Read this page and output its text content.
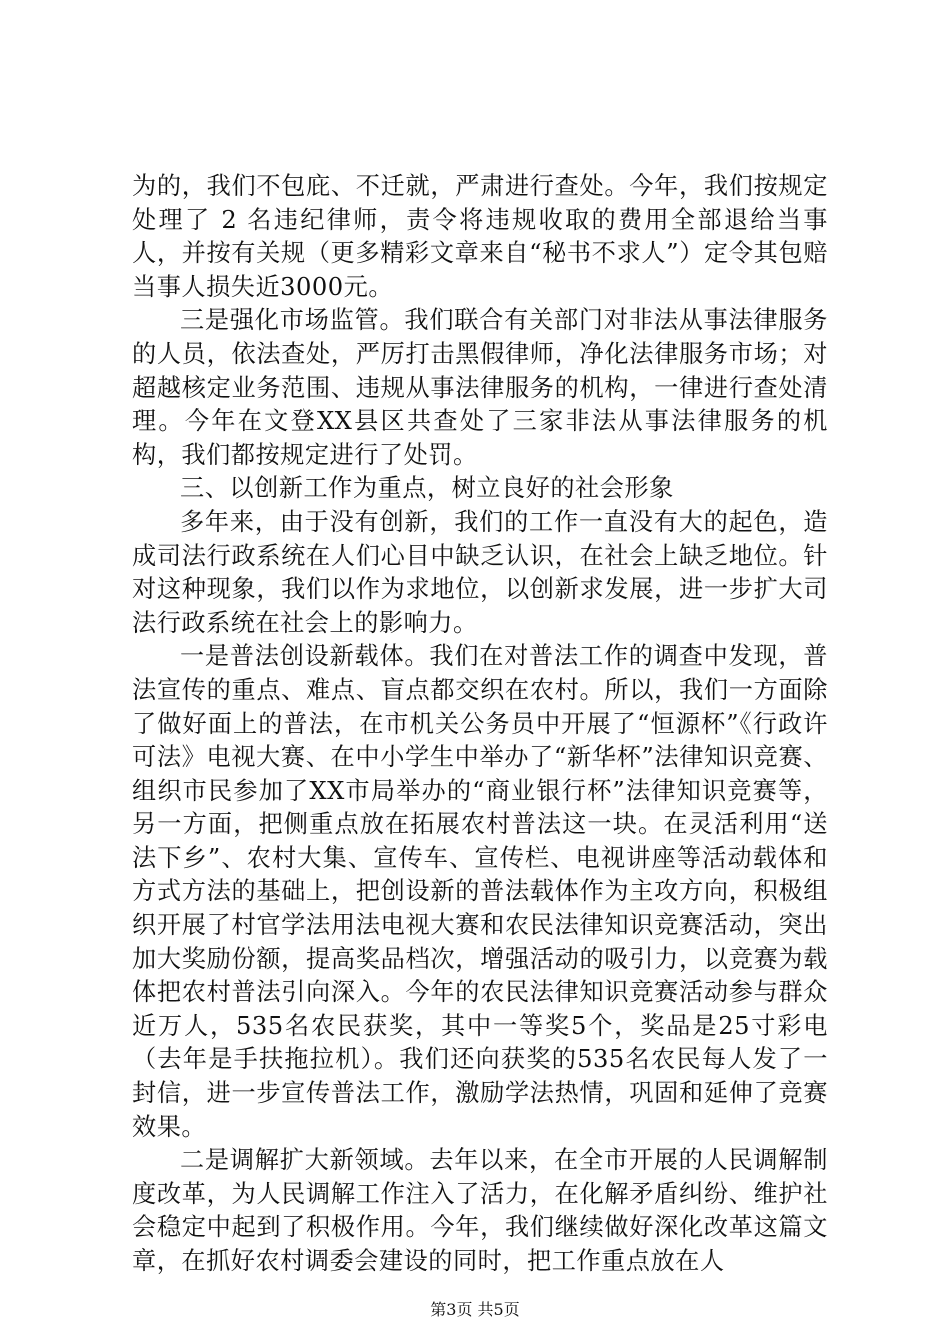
为的，我们不包庇、不迁就，严肃进行查处。今年，我们按规定处理了 2 名违纪律师，责令将违规收取的费用全部退给当事人，并按有关规（更多精彩文章来自“秘书不求人”）定令其包赔当事人损失近3000元。

三是强化市场监管。我们联合有关部门对非法从事法律服务的人员，依法查处，严厉打击黑假律师，净化法律服务市场；对超越核定业务范围、违规从事法律服务的机构，一律进行查处清理。今年在文登XX县区共查处了三家非法从事法律服务的机构，我们都按规定进行了处罚。

三、以创新工作为重点，树立良好的社会形象

多年来，由于没有创新，我们的工作一直没有大的起色，造成司法行政系统在人们心目中缺乏认识，在社会上缺乏地位。针对这种现象，我们以作为求地位，以创新求发展，进一步扩大司法行政系统在社会上的影响力。

一是普法创设新载体。我们在对普法工作的调查中发现，普法宣传的重点、难点、盲点都交织在农村。所以，我们一方面除了做好面上的普法，在市机关公务员中开展了“恒源杯”《行政许可法》电视大赛、在中小学生中举办了“新华杯”法律知识竞赛、组织市民参加了XX市局举办的“商业银行杯”法律知识竞赛等，另一方面，把侧重点放在拓展农村普法这一块。在灵活利用“送法下乡”、农村大集、宣传车、宣传栏、电视讲座等活动载体和方式方法的基础上，把创设新的普法载体作为主攻方向，积极组织开展了村官学法用法电视大赛和农民法律知识竞赛活动，突出加大奖励份额，提高奖品档次，增强活动的吸引力，以竞赛为载体把农村普法引向深入。今年的农民法律知识竞赛活动参与群众近万人，535名农民获奖，其中一等奖5个，奖品是25寸彩电（去年是手扶拖拉机）。我们还向获奖的535名农民每人发了一封信，进一步宣传普法工作，激励学法热情，巩固和延伸了竞赛效果。

二是调解扩大新领域。去年以来，在全市开展的人民调解制度改革，为人民调解工作注入了活力，在化解矛盾纠纷、维护社会稳定中起到了积极作用。今年，我们继续做好深化改革这篇文章，在抓好农村调委会建设的同时，把工作重点放在人

第3页 共5页
